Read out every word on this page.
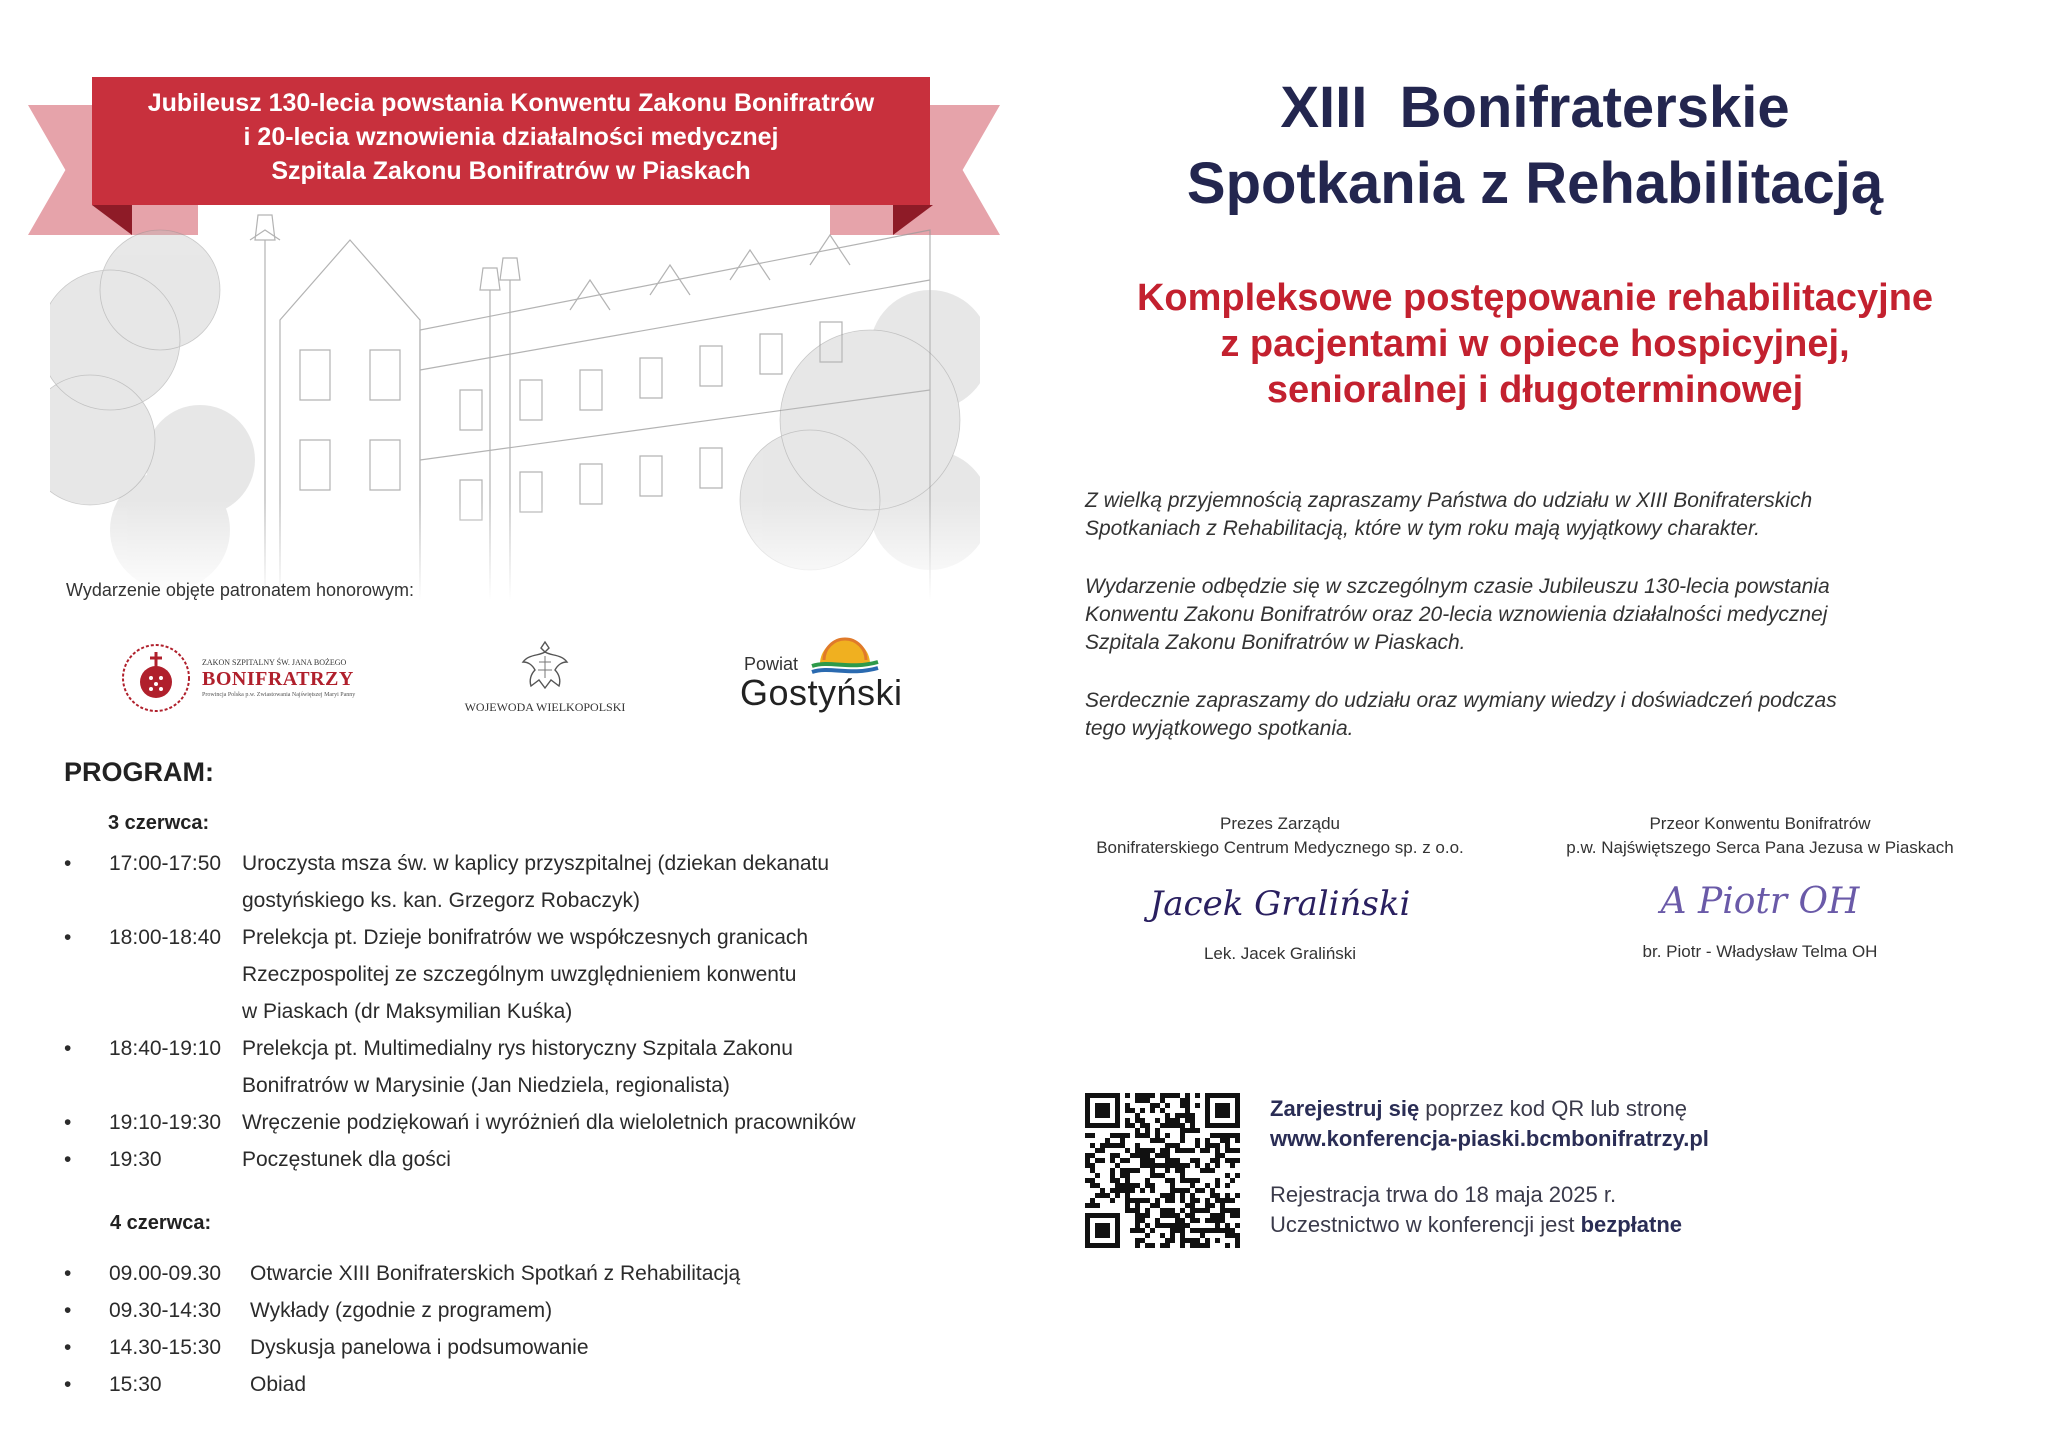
Jubileusz 130-lecia powstania Konwentu Zakonu Bonifratrów
i 20-lecia wznowienia działalności medycznej
Szpitala Zakonu Bonifratrów w Piaskach
Wydarzenie objęte patronatem honorowym:
ZAKON SZPITALNY ŚW. JANA BOŻEGO
BONIFRATRZY
Prowincja Polska p.w. Zwiastowania Najświętszej Maryi Panny
WOJEWODA WIELKOPOLSKI
Powiat
Gostyński
PROGRAM:
3 czerwca:
• 17:00-17:50 Uroczysta msza św. w kaplicy przyszpitalnej (dziekan dekanatu
gostyńskiego ks. kan. Grzegorz Robaczyk)
• 18:00-18:40 Prelekcja pt. Dzieje bonifratrów we współczesnych granicach
Rzeczpospolitej ze szczególnym uwzględnieniem konwentu
w Piaskach (dr Maksymilian Kuśka)
• 18:40-19:10 Prelekcja pt. Multimedialny rys historyczny Szpitala Zakonu
Bonifratrów w Marysinie (Jan Niedziela, regionalista)
• 19:10-19:30 Wręczenie podziękowań i wyróżnień dla wieloletnich pracowników
• 19:30	Poczęstunek dla gości
4 czerwca:
• 09.00-09.30 Otwarcie XIII Bonifraterskich Spotkań z Rehabilitacją
• 09.30-14:30 Wykłady (zgodnie z programem)
• 14.30-15:30 Dyskusja panelowa i podsumowanie
• 15:30	Obiad
XIII  Bonifraterskie
Spotkania z Rehabilitacją
Kompleksowe postępowanie rehabilitacyjne
z pacjentami w opiece hospicyjnej,
senioralnej i długoterminowej
Z wielką przyjemnością zapraszamy Państwa do udziału w XIII Bonifraterskich
Spotkaniach z Rehabilitacją, które w tym roku mają wyjątkowy charakter.
Wydarzenie odbędzie się w szczególnym czasie Jubileuszu 130-lecia powstania
Konwentu Zakonu Bonifratrów oraz 20-lecia wznowienia działalności medycznej
Szpitala Zakonu Bonifratrów w Piaskach.
Serdecznie zapraszamy do udziału oraz wymiany wiedzy i doświadczeń podczas
tego wyjątkowego spotkania.
Prezes Zarządu
Bonifraterskiego Centrum Medycznego sp. z o.o.
Jacek Graliński
Lek. Jacek Graliński
Przeor Konwentu Bonifratrów
p.w. Najświętszego Serca Pana Jezusa w Piaskach
A Piotr OH
br. Piotr - Władysław Telma OH
Zarejestruj się poprzez kod QR lub stronę
www.konferencja-piaski.bcmbonifratrzy.pl
Rejestracja trwa do 18 maja 2025 r.
Uczestnictwo w konferencji jest bezpłatne
